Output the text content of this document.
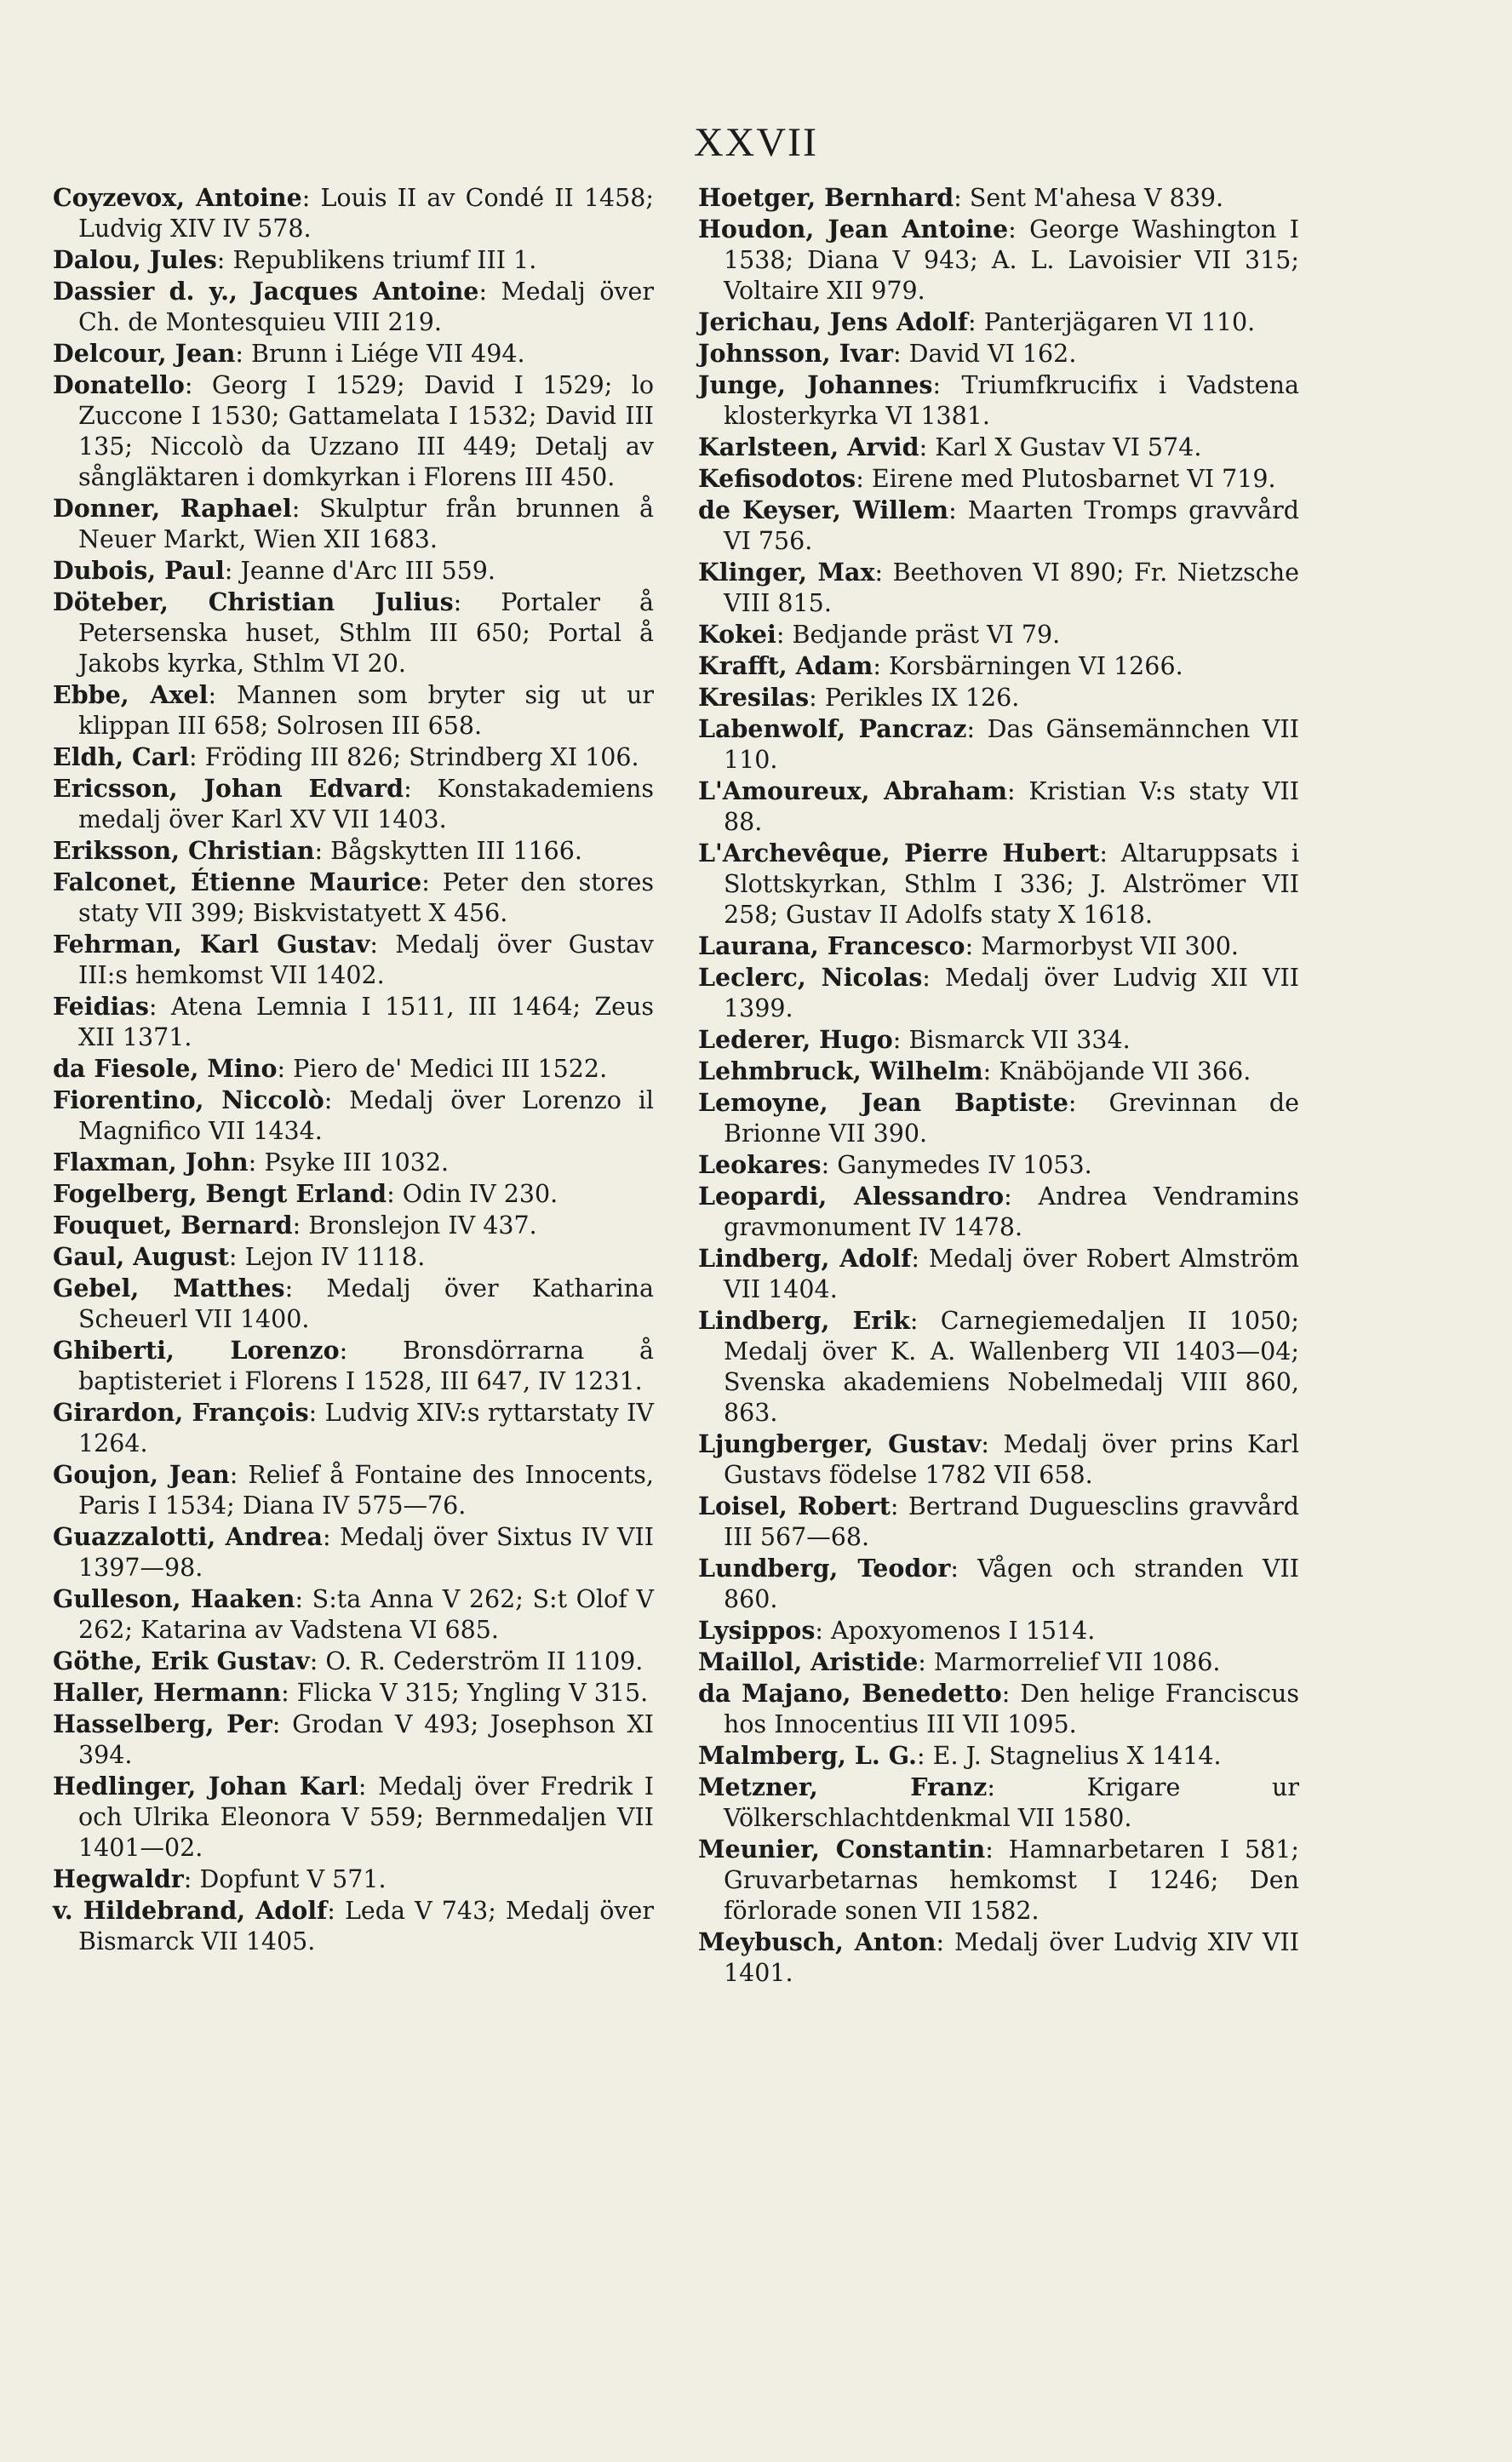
XXVII

Coyzevox, Antoine: Louis II av Condé II 1458; Ludvig XIV IV 578.

Dalou, Jules: Republikens triumf III 1.

Dassier d. y., Jacques Antoine: Medalj över Ch. de Montesquieu VIII 219.

Delcour, Jean: Brunn i Liége VII 494.

Donatello: Georg I 1529; David I 1529; lo Zuccone I 1530; Gattamelata I 1532; David III 135; Niccolò da Uzzano III 449; Detalj av sångläktaren i domkyrkan i Florens III 450.

Donner, Raphael: Skulptur från brunnen å Neuer Markt, Wien XII 1683.

Dubois, Paul: Jeanne d'Arc III 559.

Döteber, Christian Julius: Portaler å Petersenska huset, Sthlm III 650; Portal å Jakobs kyrka, Sthlm VI 20.

Ebbe, Axel: Mannen som bryter sig ut ur klippan III 658; Solrosen III 658.

Eldh, Carl: Fröding III 826; Strindberg XI 106.

Ericsson, Johan Edvard: Konstakademiens medalj över Karl XV VII 1403.

Eriksson, Christian: Bågskytten III 1166.

Falconet, Étienne Maurice: Peter den stores staty VII 399; Biskvistatyett X 456.

Fehrman, Karl Gustav: Medalj över Gustav III:s hemkomst VII 1402.

Feidias: Atena Lemnia I 1511, III 1464; Zeus XII 1371.

da Fiesole, Mino: Piero de' Medici III 1522.

Fiorentino, Niccolò: Medalj över Lorenzo il Magnifico VII 1434.

Flaxman, John: Psyke III 1032.

Fogelberg, Bengt Erland: Odin IV 230.

Fouquet, Bernard: Bronslejon IV 437.

Gaul, August: Lejon IV 1118.

Gebel, Matthes: Medalj över Katharina Scheuerl VII 1400.

Ghiberti, Lorenzo: Bronsdörrarna å baptisteriet i Florens I 1528, III 647, IV 1231.

Girardon, François: Ludvig XIV:s ryttarstaty IV 1264.

Goujon, Jean: Relief å Fontaine des Innocents, Paris I 1534; Diana IV 575—76.

Guazzalotti, Andrea: Medalj över Sixtus IV VII 1397—98.

Gulleson, Haaken: S:ta Anna V 262; S:t Olof V 262; Katarina av Vadstena VI 685.

Göthe, Erik Gustav: O. R. Cederström II 1109.

Haller, Hermann: Flicka V 315; Yngling V 315.

Hasselberg, Per: Grodan V 493; Josephson XI 394.

Hedlinger, Johan Karl: Medalj över Fredrik I och Ulrika Eleonora V 559; Bernmedaljen VII 1401—02.

Hegwaldr: Dopfunt V 571.

v. Hildebrand, Adolf: Leda V 743; Medalj över Bismarck VII 1405.

Hoetger, Bernhard: Sent M'ahesa V 839.

Houdon, Jean Antoine: George Washington I 1538; Diana V 943; A. L. Lavoisier VII 315; Voltaire XII 979.

Jerichau, Jens Adolf: Panterjägaren VI 110.

Johnsson, Ivar: David VI 162.

Junge, Johannes: Triumfkrucifix i Vadstena klosterkyrka VI 1381.

Karlsteen, Arvid: Karl X Gustav VI 574.

Kefisodotos: Eirene med Plutosbarnet VI 719.

de Keyser, Willem: Maarten Tromps gravvård VI 756.

Klinger, Max: Beethoven VI 890; Fr. Nietzsche VIII 815.

Kokei: Bedjande präst VI 79.

Krafft, Adam: Korsbärningen VI 1266.

Kresilas: Perikles IX 126.

Labenwolf, Pancraz: Das Gänsemännchen VII 110.

L'Amoureux, Abraham: Kristian V:s staty VII 88.

L'Archevêque, Pierre Hubert: Altaruppsats i Slottskyrkan, Sthlm I 336; J. Alströmer VII 258; Gustav II Adolfs staty X 1618.

Laurana, Francesco: Marmorbyst VII 300.

Leclerc, Nicolas: Medalj över Ludvig XII VII 1399.

Lederer, Hugo: Bismarck VII 334.

Lehmbruck, Wilhelm: Knäböjande VII 366.

Lemoyne, Jean Baptiste: Grevinnan de Brionne VII 390.

Leokares: Ganymedes IV 1053.

Leopardi, Alessandro: Andrea Vendramins gravmonument IV 1478.

Lindberg, Adolf: Medalj över Robert Almström VII 1404.

Lindberg, Erik: Carnegiemedaljen II 1050; Medalj över K. A. Wallenberg VII 1403—04; Svenska akademiens Nobelmedalj VIII 860, 863.

Ljungberger, Gustav: Medalj över prins Karl Gustavs födelse 1782 VII 658.

Loisel, Robert: Bertrand Duguesclins gravvård III 567—68.

Lundberg, Teodor: Vågen och stranden VII 860.

Lysippos: Apoxyomenos I 1514.

Maillol, Aristide: Marmorrelief VII 1086.

da Majano, Benedetto: Den helige Franciscus hos Innocentius III VII 1095.

Malmberg, L. G.: E. J. Stagnelius X 1414.

Metzner, Franz: Krigare ur Völkerschlachtdenkmal VII 1580.

Meunier, Constantin: Hamnarbetaren I 581; Gruvarbetarnas hemkomst I 1246; Den förlorade sonen VII 1582.

Meybusch, Anton: Medalj över Ludvig XIV VII 1401.
